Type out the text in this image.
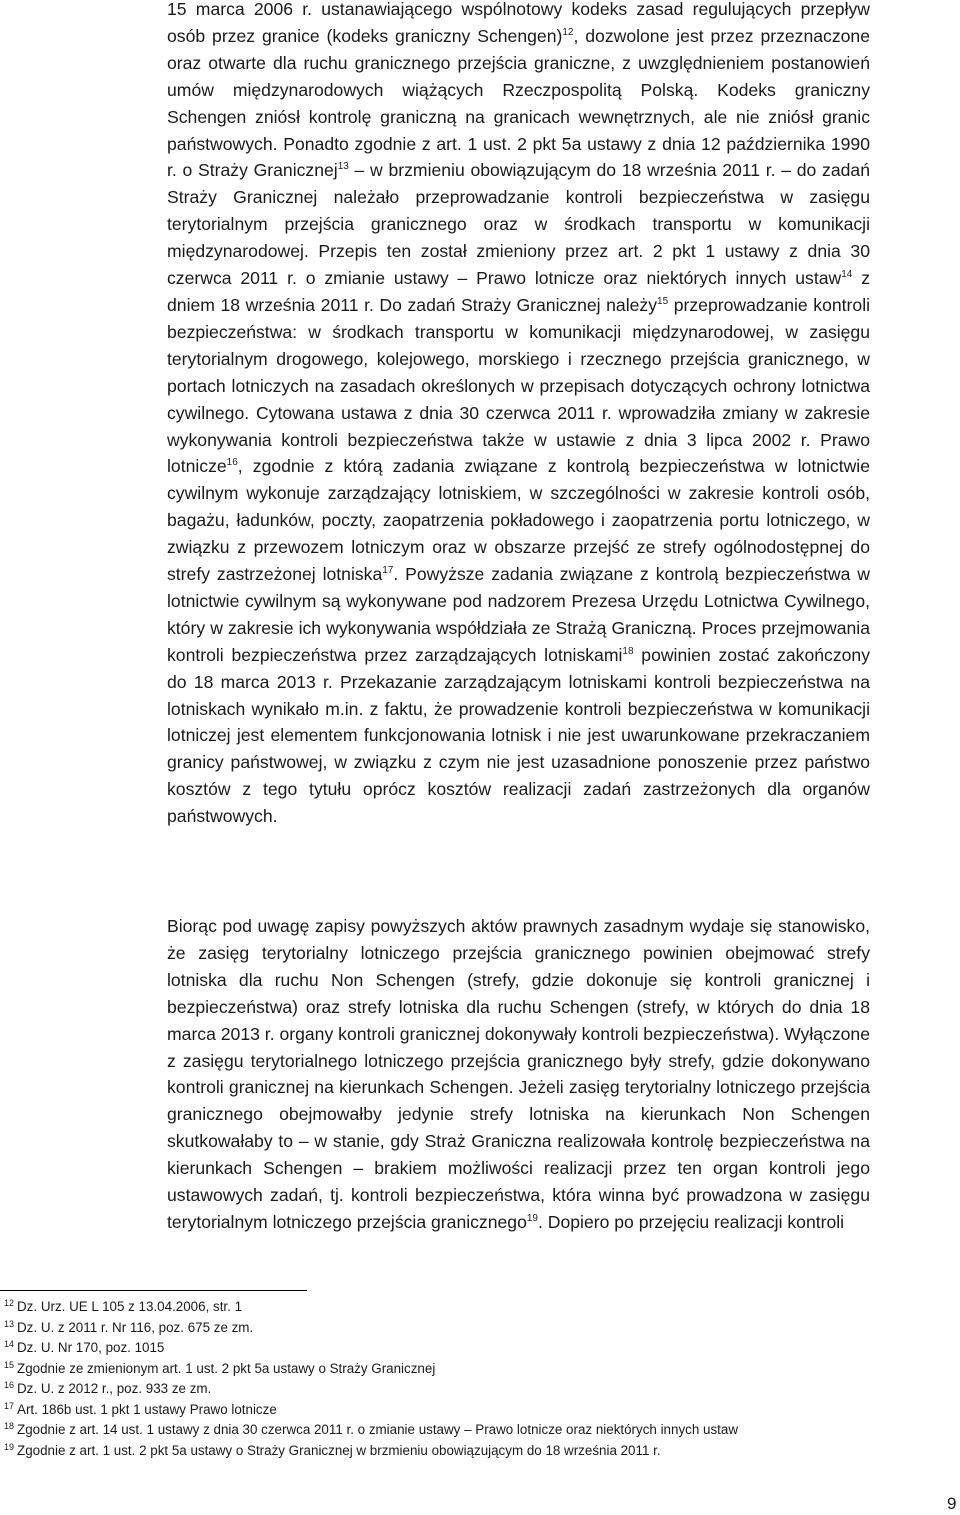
15 marca 2006 r. ustanawiającego wspólnotowy kodeks zasad regulujących przepływ osób przez granice (kodeks graniczny Schengen)$^{12}$, dozwolone jest przez przeznaczone oraz otwarte dla ruchu granicznego przejścia graniczne, z uwzględnieniem postanowień umów międzynarodowych wiążących Rzeczpospolitą Polską. Kodeks graniczny Schengen zniósł kontrolę graniczną na granicach wewnętrznych, ale nie zniósł granic państwowych. Ponadto zgodnie z art. 1 ust. 2 pkt 5a ustawy z dnia 12 października 1990 r. o Straży Granicznej$^{13}$ – w brzmieniu obowiązującym do 18 września 2011 r. – do zadań Straży Granicznej należało przeprowadzanie kontroli bezpieczeństwa w zasięgu terytorialnym przejścia granicznego oraz w środkach transportu w komunikacji międzynarodowej. Przepis ten został zmieniony przez art. 2 pkt 1 ustawy z dnia 30 czerwca 2011 r. o zmianie ustawy – Prawo lotnicze oraz niektórych innych ustaw$^{14}$ z dniem 18 września 2011 r. Do zadań Straży Granicznej należy$^{15}$ przeprowadzanie kontroli bezpieczeństwa: w środkach transportu w komunikacji międzynarodowej, w zasięgu terytorialnym drogowego, kolejowego, morskiego i rzecznego przejścia granicznego, w portach lotniczych na zasadach określonych w przepisach dotyczących ochrony lotnictwa cywilnego. Cytowana ustawa z dnia 30 czerwca 2011 r. wprowadziła zmiany w zakresie wykonywania kontroli bezpieczeństwa także w ustawie z dnia 3 lipca 2002 r. Prawo lotnicze$^{16}$, zgodnie z którą zadania związane z kontrolą bezpieczeństwa w lotnictwie cywilnym wykonuje zarządzający lotniskiem, w szczególności w zakresie kontroli osób, bagażu, ładunków, poczty, zaopatrzenia pokładowego i zaopatrzenia portu lotniczego, w związku z przewozem lotniczym oraz w obszarze przejść ze strefy ogólnodostępnej do strefy zastrzeżonej lotniska$^{17}$. Powyższe zadania związane z kontrolą bezpieczeństwa w lotnictwie cywilnym są wykonywane pod nadzorem Prezesa Urzędu Lotnictwa Cywilnego, który w zakresie ich wykonywania współdziała ze Strażą Graniczną. Proces przejmowania kontroli bezpieczeństwa przez zarządzających lotniskami$^{18}$ powinien zostać zakończony do 18 marca 2013 r. Przekazanie zarządzającym lotniskami kontroli bezpieczeństwa na lotniskach wynikało m.in. z faktu, że prowadzenie kontroli bezpieczeństwa w komunikacji lotniczej jest elementem funkcjonowania lotnisk i nie jest uwarunkowane przekraczaniem granicy państwowej, w związku z czym nie jest uzasadnione ponoszenie przez państwo kosztów z tego tytułu oprócz kosztów realizacji zadań zastrzeżonych dla organów państwowych.

Biorąc pod uwagę zapisy powyższych aktów prawnych zasadnym wydaje się stanowisko, że zasięg terytorialny lotniczego przejścia granicznego powinien obejmować strefy lotniska dla ruchu Non Schengen (strefy, gdzie dokonuje się kontroli granicznej i bezpieczeństwa) oraz strefy lotniska dla ruchu Schengen (strefy, w których do dnia 18 marca 2013 r. organy kontroli granicznej dokonywały kontroli bezpieczeństwa). Wyłączone z zasięgu terytorialnego lotniczego przejścia granicznego były strefy, gdzie dokonywano kontroli granicznej na kierunkach Schengen. Jeżeli zasięg terytorialny lotniczego przejścia granicznego obejmowałby jedynie strefy lotniska na kierunkach Non Schengen skutkowałaby to – w stanie, gdy Straż Graniczna realizowała kontrolę bezpieczeństwa na kierunkach Schengen – brakiem możliwości realizacji przez ten organ kontroli jego ustawowych zadań, tj. kontroli bezpieczeństwa, która winna być prowadzona w zasięgu terytorialnym lotniczego przejścia granicznego$^{19}$. Dopiero po przejęciu realizacji kontroli

$^{12}$ Dz. Urz. UE L 105 z 13.04.2006, str. 1
$^{13}$ Dz. U. z 2011 r. Nr 116, poz. 675 ze zm.
$^{14}$ Dz. U. Nr 170, poz. 1015
$^{15}$ Zgodnie ze zmienionym art. 1 ust. 2 pkt 5a ustawy o Straży Granicznej
$^{16}$ Dz. U. z 2012 r., poz. 933 ze zm.
$^{17}$ Art. 186b ust. 1 pkt 1 ustawy Prawo lotnicze
$^{18}$ Zgodnie z art. 14 ust. 1 ustawy z dnia 30 czerwca 2011 r. o zmianie ustawy – Prawo lotnicze oraz niektórych innych ustaw
$^{19}$ Zgodnie z art. 1 ust. 2 pkt 5a ustawy o Straży Granicznej w brzmieniu obowiązującym do 18 września 2011 r.
9
